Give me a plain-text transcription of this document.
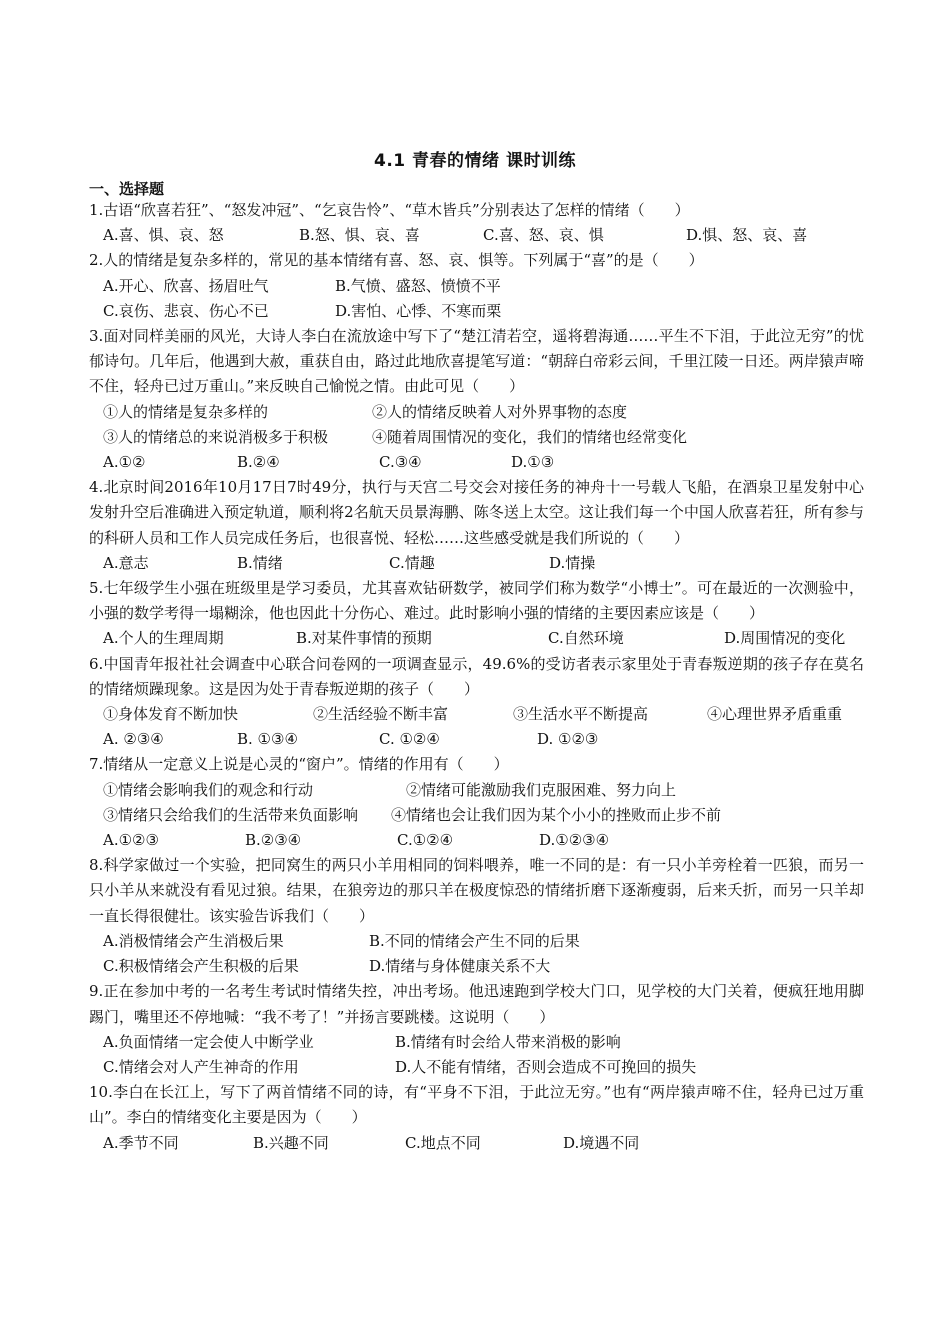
4.1 青春的情绪 课时训练
一、选择题

1.古语“欣喜若狂”、“怒发冲冠”、“乞哀告怜”、“草木皆兵”分别表达了怎样的情绪（　　）

A.喜、惧、哀、怒	B.怒、惧、哀、喜	C.喜、怒、哀、惧	D.惧、怒、哀、喜

2.人的情绪是复杂多样的，常见的基本情绪有喜、怒、哀、惧等。下列属于“喜”的是（　　）

A.开心、欣喜、扬眉吐气	B.气愤、盛怒、愤愤不平
C.哀伤、悲哀、伤心不已	D.害怕、心悸、不寒而栗

3.面对同样美丽的风光，大诗人李白在流放途中写下了“楚江清若空，遥将碧海通……平生不下泪，于此泣无穷”的忧郁诗句。几年后，他遇到大赦，重获自由，路过此地欣喜提笔写道：“朝辞白帝彩云间，千里江陵一日还。两岸猿声啼不住，轻舟已过万重山。”来反映自己愉悦之情。由此可见（　　）

①人的情绪是复杂多样的	②人的情绪反映着人对外界事物的态度
③人的情绪总的来说消极多于积极	④随着周围情况的变化，我们的情绪也经常变化
A.①②	B.②④	C.③④	D.①③

4.北京时间2016年10月17日7时49分，执行与天宫二号交会对接任务的神舟十一号载人飞船，在酒泉卫星发射中心发射升空后准确进入预定轨道，顺利将2名航天员景海鹏、陈冬送上太空。这让我们每一个中国人欣喜若狂，所有参与的科研人员和工作人员完成任务后，也很喜悦、轻松……这些感受就是我们所说的（　　）

A.意志	B.情绪	C.情趣	D.情操

5.七年级学生小强在班级里是学习委员，尤其喜欢钻研数学，被同学们称为数学“小博士”。可在最近的一次测验中，小强的数学考得一塌糊涂，他也因此十分伤心、难过。此时影响小强的情绪的主要因素应该是（　　）

A.个人的生理周期	B.对某件事情的预期	C.自然环境	D.周围情况的变化

6.中国青年报社社会调查中心联合问卷网的一项调查显示，49.6%的受访者表示家里处于青春叛逆期的孩子存在莫名的情绪烦躁现象。这是因为处于青春叛逆期的孩子（　　）

①身体发育不断加快	②生活经验不断丰富	③生活水平不断提高	④心理世界矛盾重重
A. ②③④	B. ①③④	C. ①②④	D. ①②③

7.情绪从一定意义上说是心灵的“窗户”。情绪的作用有（　　）

①情绪会影响我们的观念和行动	②情绪可能激励我们克服困难、努力向上
③情绪只会给我们的生活带来负面影响	④情绪也会让我们因为某个小小的挫败而止步不前
A.①②③	B.②③④	C.①②④	D.①②③④

8.科学家做过一个实验，把同窝生的两只小羊用相同的饲料喂养，唯一不同的是：有一只小羊旁栓着一匹狼，而另一只小羊从来就没有看见过狼。结果，在狼旁边的那只羊在极度惊恐的情绪折磨下逐渐瘦弱，后来夭折，而另一只羊却一直长得很健壮。该实验告诉我们（　　）

A.消极情绪会产生消极后果	B.不同的情绪会产生不同的后果
C.积极情绪会产生积极的后果	D.情绪与身体健康关系不大

9.正在参加中考的一名考生考试时情绪失控，冲出考场。他迅速跑到学校大门口，见学校的大门关着，便疯狂地用脚踢门，嘴里还不停地喊：“我不考了！”并扬言要跳楼。这说明（　　）

A.负面情绪一定会使人中断学业	B.情绪有时会给人带来消极的影响
C.情绪会对人产生神奇的作用	D.人不能有情绪，否则会造成不可挽回的损失

10.李白在长江上，写下了两首情绪不同的诗，有“平身不下泪，于此泣无穷。”也有“两岸猿声啼不住，轻舟已过万重山”。李白的情绪变化主要是因为（　　）

A.季节不同	B.兴趣不同	C.地点不同	D.境遇不同
